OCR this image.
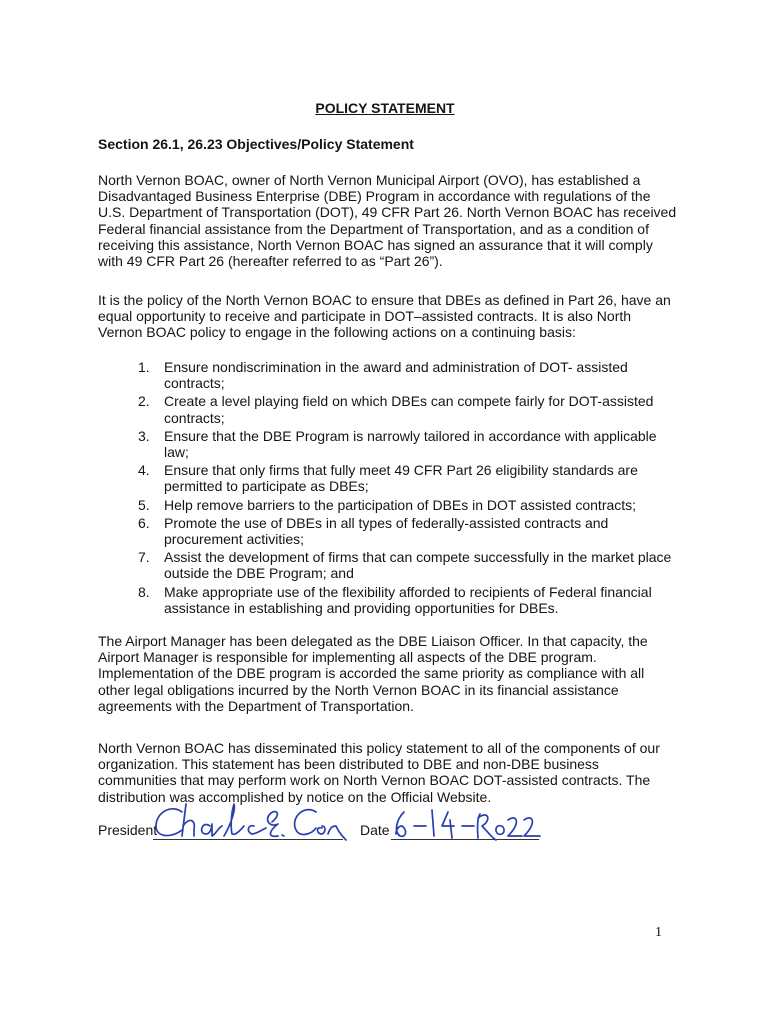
POLICY STATEMENT
Section 26.1, 26.23 Objectives/Policy Statement

North Vernon BOAC, owner of North Vernon Municipal Airport (OVO), has established a Disadvantaged Business Enterprise (DBE) Program in accordance with regulations of the U.S. Department of Transportation (DOT), 49 CFR Part 26. North Vernon BOAC has received Federal financial assistance from the Department of Transportation, and as a condition of receiving this assistance, North Vernon BOAC has signed an assurance that it will comply with 49 CFR Part 26 (hereafter referred to as “Part 26”).

It is the policy of the North Vernon BOAC to ensure that DBEs as defined in Part 26, have an equal opportunity to receive and participate in DOT–assisted contracts. It is also North Vernon BOAC policy to engage in the following actions on a continuing basis:

1. Ensure nondiscrimination in the award and administration of DOT- assisted contracts;
2. Create a level playing field on which DBEs can compete fairly for DOT-assisted contracts;
3. Ensure that the DBE Program is narrowly tailored in accordance with applicable law;
4. Ensure that only firms that fully meet 49 CFR Part 26 eligibility standards are permitted to participate as DBEs;
5. Help remove barriers to the participation of DBEs in DOT assisted contracts;
6. Promote the use of DBEs in all types of federally-assisted contracts and procurement activities;
7. Assist the development of firms that can compete successfully in the market place outside the DBE Program; and
8. Make appropriate use of the flexibility afforded to recipients of Federal financial assistance in establishing and providing opportunities for DBEs.

The Airport Manager has been delegated as the DBE Liaison Officer. In that capacity, the Airport Manager is responsible for implementing all aspects of the DBE program. Implementation of the DBE program is accorded the same priority as compliance with all other legal obligations incurred by the North Vernon BOAC in its financial assistance agreements with the Department of Transportation.

North Vernon BOAC has disseminated this policy statement to all of the components of our organization. This statement has been distributed to DBE and non-DBE business communities that may perform work on North Vernon BOAC DOT-assisted contracts. The distribution was accomplished by notice on the Official Website.

President	Date
1
